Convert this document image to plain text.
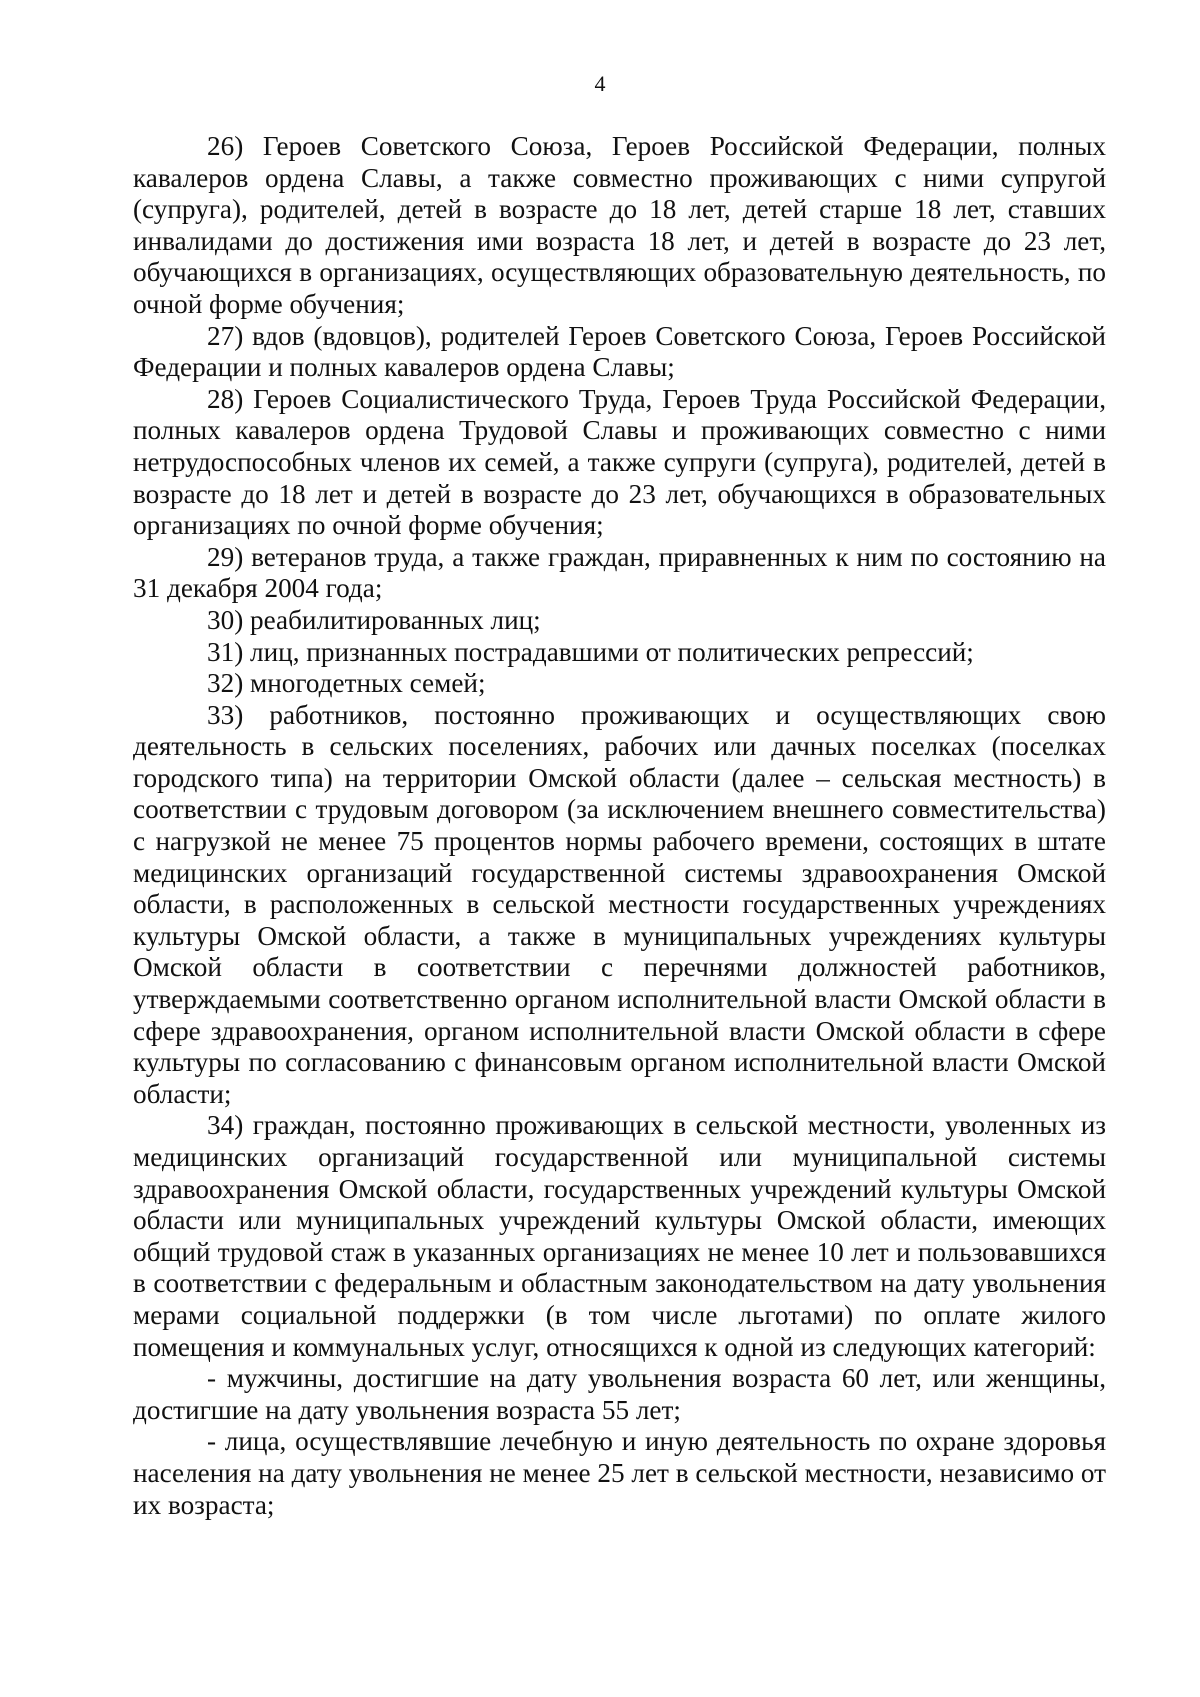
4

26) Героев Советского Союза, Героев Российской Федерации, полных кавалеров ордена Славы, а также совместно проживающих с ними супругой (супруга), родителей, детей в возрасте до 18 лет, детей старше 18 лет, ставших инвалидами до достижения ими возраста 18 лет, и детей в возрасте до 23 лет, обучающихся в организациях, осуществляющих образовательную деятельность, по очной форме обучения;

27) вдов (вдовцов), родителей Героев Советского Союза, Героев Российской Федерации и полных кавалеров ордена Славы;

28) Героев Социалистического Труда, Героев Труда Российской Федерации, полных кавалеров ордена Трудовой Славы и проживающих совместно с ними нетрудоспособных членов их семей, а также супруги (супруга), родителей, детей в возрасте до 18 лет и детей в возрасте до 23 лет, обучающихся в образовательных организациях по очной форме обучения;

29) ветеранов труда, а также граждан, приравненных к ним по состоянию на 31 декабря 2004 года;

30) реабилитированных лиц;

31) лиц, признанных пострадавшими от политических репрессий;

32) многодетных семей;

33) работников, постоянно проживающих и осуществляющих свою деятельность в сельских поселениях, рабочих или дачных поселках (поселках городского типа) на территории Омской области (далее – сельская местность) в соответствии с трудовым договором (за исключением внешнего совместительства) с нагрузкой не менее 75 процентов нормы рабочего времени, состоящих в штате медицинских организаций государственной системы здравоохранения Омской области, в расположенных в сельской местности государственных учреждениях культуры Омской области, а также в муниципальных учреждениях культуры Омской области в соответствии с перечнями должностей работников, утверждаемыми соответственно органом исполнительной власти Омской области в сфере здравоохранения, органом исполнительной власти Омской области в сфере культуры по согласованию с финансовым органом исполнительной власти Омской области;

34) граждан, постоянно проживающих в сельской местности, уволенных из медицинских организаций государственной или муниципальной системы здравоохранения Омской области, государственных учреждений культуры Омской области или муниципальных учреждений культуры Омской области, имеющих общий трудовой стаж в указанных организациях не менее 10 лет и пользовавшихся в соответствии с федеральным и областным законодательством на дату увольнения мерами социальной поддержки (в том числе льготами) по оплате жилого помещения и коммунальных услуг, относящихся к одной из следующих категорий:

- мужчины, достигшие на дату увольнения возраста 60 лет, или женщины, достигшие на дату увольнения возраста 55 лет;

- лица, осуществлявшие лечебную и иную деятельность по охране здоровья населения на дату увольнения не менее 25 лет в сельской местности, независимо от их возраста;
